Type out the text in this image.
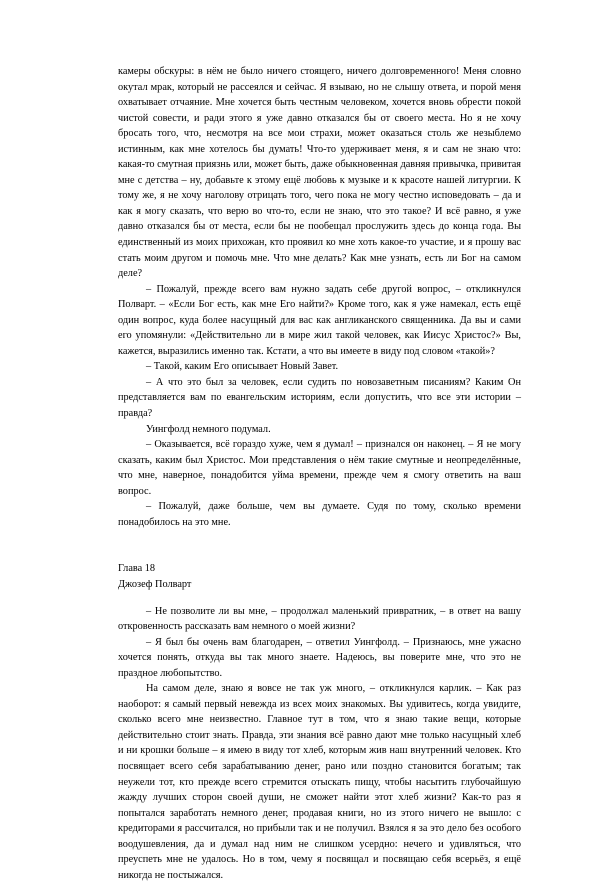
камеры обскуры: в нём не было ничего стоящего, ничего долговременного! Меня словно окутал мрак, который не рассеялся и сейчас. Я взываю, но не слышу ответа, и порой меня охватывает отчаяние. Мне хочется быть честным человеком, хочется вновь обрести покой чистой совести, и ради этого я уже давно отказался бы от своего места. Но я не хочу бросать того, что, несмотря на все мои страхи, может оказаться столь же незыблемо истинным, как мне хотелось бы думать! Что-то удерживает меня, я и сам не знаю что: какая-то смутная приязнь или, может быть, даже обыкновенная давняя привычка, привитая мне с детства – ну, добавьте к этому ещё любовь к музыке и к красоте нашей литургии. К тому же, я не хочу наголову отрицать того, чего пока не могу честно исповедовать – да и как я могу сказать, что верю во что-то, если не знаю, что это такое? И всё равно, я уже давно отказался бы от места, если бы не пообещал прослужить здесь до конца года. Вы единственный из моих прихожан, кто проявил ко мне хоть какое-то участие, и я прошу вас стать моим другом и помочь мне. Что мне делать? Как мне узнать, есть ли Бог на самом деле?

– Пожалуй, прежде всего вам нужно задать себе другой вопрос, – откликнулся Полварт. – «Если Бог есть, как мне Его найти?» Кроме того, как я уже намекал, есть ещё один вопрос, куда более насущный для вас как англиканского священника. Да вы и сами его упомянули: «Действительно ли в мире жил такой человек, как Иисус Христос?» Вы, кажется, выразились именно так. Кстати, а что вы имеете в виду под словом «такой»?

– Такой, каким Его описывает Новый Завет.

– А что это был за человек, если судить по новозаветным писаниям? Каким Он представляется вам по евангельским историям, если допустить, что все эти истории – правда?

Уингфолд немного подумал.

– Оказывается, всё гораздо хуже, чем я думал! – признался он наконец. – Я не могу сказать, каким был Христос. Мои представления о нём такие смутные и неопределённые, что мне, наверное, понадобится уйма времени, прежде чем я смогу ответить на ваш вопрос.

– Пожалуй, даже больше, чем вы думаете. Судя по тому, сколько времени понадобилось на это мне.

Глава 18
Джозеф Полварт

– Не позволите ли вы мне, – продолжал маленький привратник, – в ответ на вашу откровенность рассказать вам немного о моей жизни?

– Я был бы очень вам благодарен, – ответил Уингфолд. – Признаюсь, мне ужасно хочется понять, откуда вы так много знаете. Надеюсь, вы поверите мне, что это не праздное любопытство.

На самом деле, знаю я вовсе не так уж много, – откликнулся карлик. – Как раз наоборот: я самый первый невежда из всех моих знакомых. Вы удивитесь, когда увидите, сколько всего мне неизвестно. Главное тут в том, что я знаю такие вещи, которые действительно стоит знать. Правда, эти знания всё равно дают мне только насущный хлеб и ни крошки больше – я имею в виду тот хлеб, которым жив наш внутренний человек. Кто посвящает всего себя зарабатыванию денег, рано или поздно становится богатым; так неужели тот, кто прежде всего стремится отыскать пищу, чтобы насытить глубочайшую жажду лучших сторон своей души, не сможет найти этот хлеб жизни? Как-то раз я попытался заработать немного денег, продавая книги, но из этого ничего не вышло: с кредиторами я рассчитался, но прибыли так и не получил. Взялся я за это дело без особого воодушевления, да и думал над ним не слишком усердно: нечего и удивляться, что преуспеть мне не удалось. Но в том, чему я посвящал и посвящаю себя всерьёз, я ещё никогда не постыжался.
